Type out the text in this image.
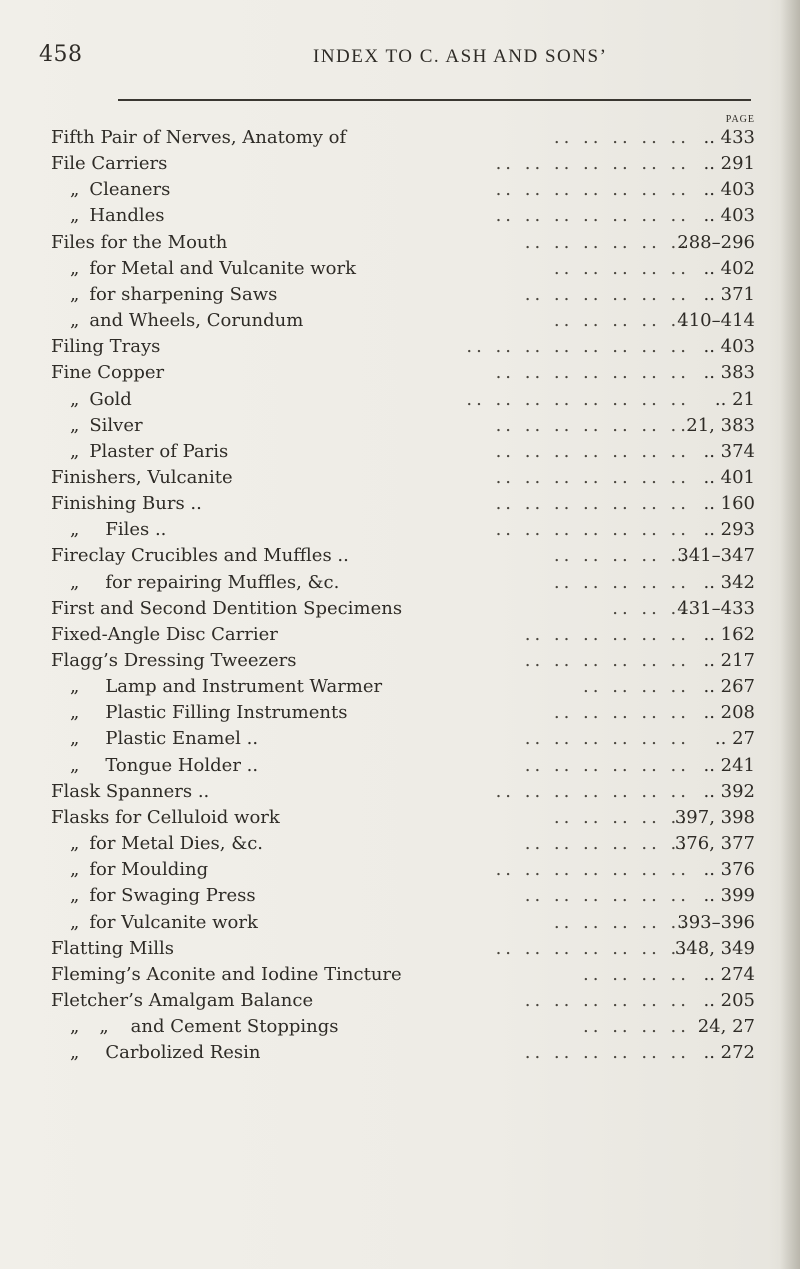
458	INDEX TO C. ASH AND SONS’
PAGE
.. .. .. .. ..
Fifth Pair of Nerves, Anatomy of	.. 433
.. .. .. .. .. .. ..
File Carriers	.. 291
.. .. .. .. .. .. ..
„ Cleaners	.. 403
.. .. .. .. .. .. ..
„ Handles	.. 403
.. .. .. .. .. ..
Files for the Mouth	288–296
.. .. .. .. ..
„ for Metal and Vulcanite work	.. 402
.. .. .. .. .. ..
„ for sharpening Saws	.. 371
.. .. .. .. ..
„ and Wheels, Corundum	410–414
.. .. .. .. .. .. .. ..
Filing Trays	.. 403
.. .. .. .. .. .. ..
Fine Copper	.. 383
.. .. .. .. .. .. .. ..
„ Gold	.. 21
.. .. .. .. .. .. ..
„ Silver	21, 383
.. .. .. .. .. .. ..
„ Plaster of Paris	.. 374
.. .. .. .. .. .. ..
Finishers, Vulcanite	.. 401
.. .. .. .. .. .. ..
Finishing Burs ..	.. 160
.. .. .. .. .. .. ..
„ Files ..	.. 293
.. .. .. .. ..
Fireclay Crucibles and Muffles ..	341–347
.. .. .. .. ..
„ for repairing Muffles, &c.	.. 342
.. .. ..
First and Second Dentition Specimens	431–433
.. .. .. .. .. ..
Fixed-Angle Disc Carrier	.. 162
.. .. .. .. .. ..
Flagg’s Dressing Tweezers	.. 217
.. .. .. ..
„ Lamp and Instrument Warmer	.. 267
.. .. .. .. ..
„ Plastic Filling Instruments	.. 208
.. .. .. .. .. ..
„ Plastic Enamel ..	.. 27
.. .. .. .. .. ..
„ Tongue Holder ..	.. 241
.. .. .. .. .. .. ..
Flask Spanners ..	.. 392
.. .. .. .. ..
Flasks for Celluloid work	397, 398
.. .. .. .. .. ..
„ for Metal Dies, &c.	376, 377
.. .. .. .. .. .. ..
„ for Moulding	.. 376
.. .. .. .. .. ..
„ for Swaging Press	.. 399
.. .. .. .. ..
„ for Vulcanite work	393–396
.. .. .. .. .. .. ..
Flatting Mills	348, 349
.. .. .. ..
Fleming’s Aconite and Iodine Tincture	.. 274
.. .. .. .. .. ..
Fletcher’s Amalgam Balance	.. 205
.. .. .. ..
„ „ and Cement Stoppings	24, 27
.. .. .. .. .. ..
„ Carbolized Resin	.. 272
